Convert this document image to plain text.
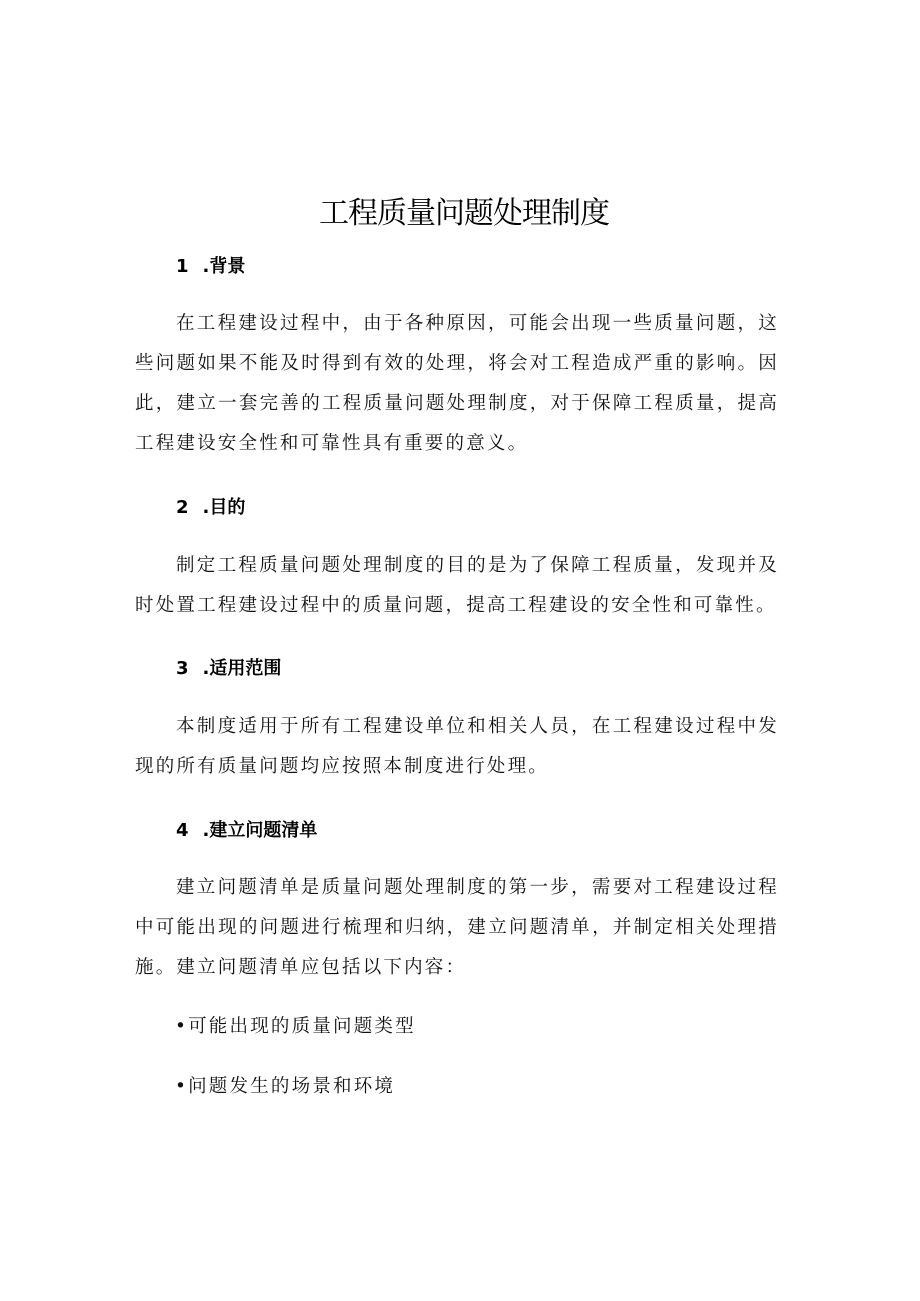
工程质量问题处理制度
1 .背景

在工程建设过程中，由于各种原因，可能会出现一些质量问题，这些问题如果不能及时得到有效的处理，将会对工程造成严重的影响。因此，建立一套完善的工程质量问题处理制度，对于保障工程质量，提高工程建设安全性和可靠性具有重要的意义。

2 .目的

制定工程质量问题处理制度的目的是为了保障工程质量，发现并及时处置工程建设过程中的质量问题，提高工程建设的安全性和可靠性。

3 .适用范围

本制度适用于所有工程建设单位和相关人员，在工程建设过程中发现的所有质量问题均应按照本制度进行处理。

4 .建立问题清单

建立问题清单是质量问题处理制度的第一步，需要对工程建设过程中可能出现的问题进行梳理和归纳，建立问题清单，并制定相关处理措施。建立问题清单应包括以下内容：

•可能出现的质量问题类型
•问题发生的场景和环境
